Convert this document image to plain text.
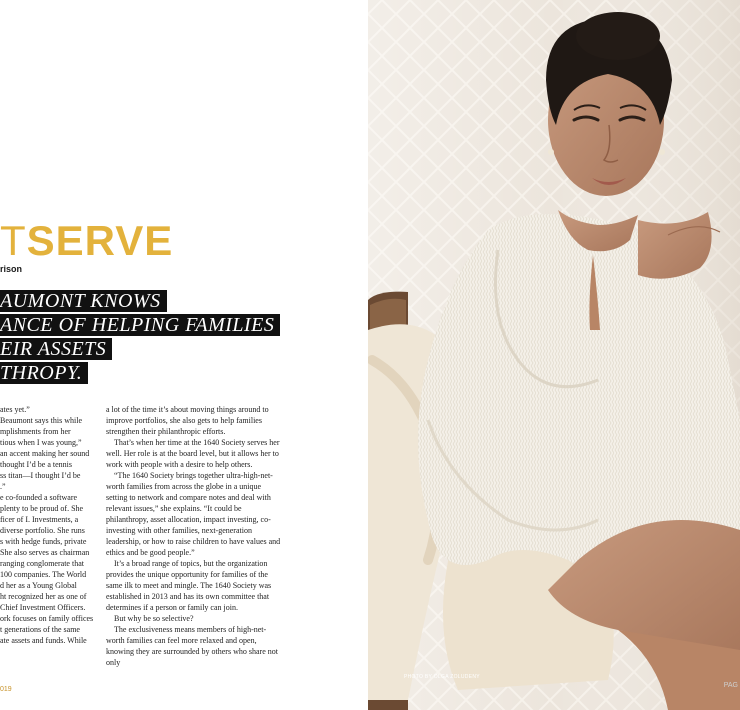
TSERVE
rison
AUMONT KNOWS
ANCE OF HELPING FAMILIES
EIR ASSETS
THROPY.

ates yet.”

Beaumont says this while

mplishments from her

tious when I was young,”

an accent making her sound

thought I’d be a tennis

ss titan—I thought I’d be

.”

e co-founded a software

plenty to be proud of. She

ficer of I. Investments, a

diverse portfolio. She runs

s with hedge funds, private

She also serves as chairman

ranging conglomerate that

100 companies. The World

d her as a Young Global

ht recognized her as one of

Chief Investment Officers.

ork focuses on family offices

t generations of the same

ate assets and funds. While

a lot of the time it’s about moving things around to improve portfolios, she also gets to help families strengthen their philanthropic efforts.

That’s when her time at the 1640 Society serves her well. Her role is at the board level, but it allows her to work with people with a desire to help others.

“The 1640 Society brings together ultra-high-net-worth families from across the globe in a unique setting to network and compare notes and deal with relevant issues,” she explains. “It could be philanthropy, asset allocation, impact investing, co-investing with other families, next-generation leadership, or how to raise children to have values and ethics and be good people.”

It’s a broad range of topics, but the organization provides the unique opportunity for families of the same ilk to meet and mingle. The 1640 Society was established in 2013 and has its own committee that determines if a person or family can join.

But why be so selective?

The exclusiveness means members of high-net-worth families can feel more relaxed and open, knowing they are surrounded by others who share not only

019
PHOTO BY OLGA ZOLUDENY
PAG
